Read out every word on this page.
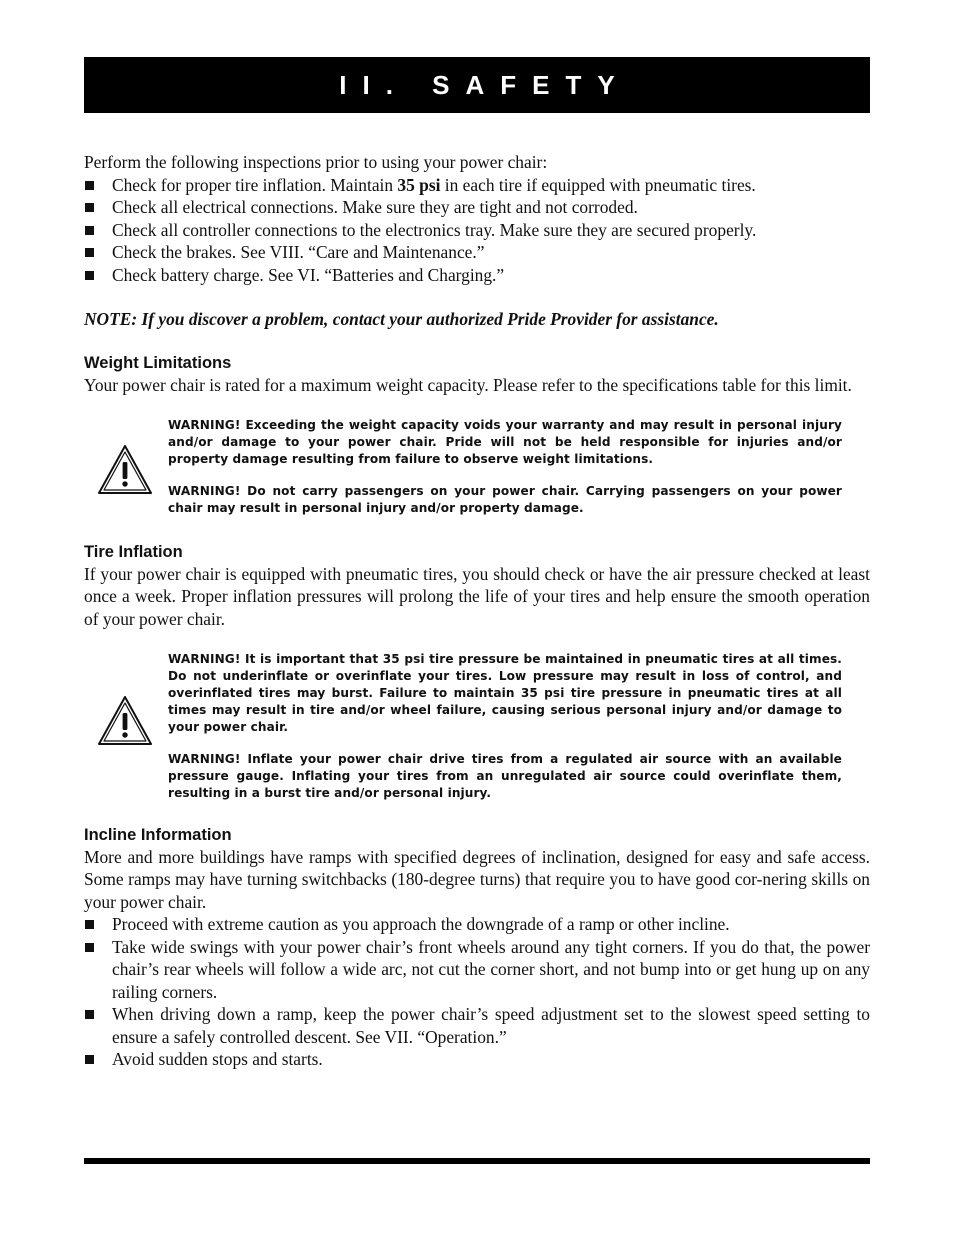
II. SAFETY

Perform the following inspections prior to using your power chair:

Check for proper tire inflation. Maintain 35 psi in each tire if equipped with pneumatic tires.
Check all electrical connections. Make sure they are tight and not corroded.
Check all controller connections to the electronics tray. Make sure they are secured properly.
Check the brakes. See VIII. “Care and Maintenance.”
Check battery charge. See VI. “Batteries and Charging.”

NOTE: If you discover a problem, contact your authorized Pride Provider for assistance.

Weight Limitations

Your power chair is rated for a maximum weight capacity. Please refer to the specifications table for this limit.

WARNING! Exceeding the weight capacity voids your warranty and may result in personal injury and/or damage to your power chair. Pride will not be held responsible for injuries and/or property damage resulting from failure to observe weight limitations.

WARNING! Do not carry passengers on your power chair. Carrying passengers on your power chair may result in personal injury and/or property damage.

Tire Inflation

If your power chair is equipped with pneumatic tires, you should check or have the air pressure checked at least once a week. Proper inflation pressures will prolong the life of your tires and help ensure the smooth operation of your power chair.

WARNING! It is important that 35 psi tire pressure be maintained in pneumatic tires at all times. Do not underinflate or overinflate your tires. Low pressure may result in loss of control, and overinflated tires may burst. Failure to maintain 35 psi tire pressure in pneumatic tires at all times may result in tire and/or wheel failure, causing serious personal injury and/or damage to your power chair.

WARNING! Inflate your power chair drive tires from a regulated air source with an available pressure gauge. Inflating your tires from an unregulated air source could overinflate them, resulting in a burst tire and/or personal injury.

Incline Information

More and more buildings have ramps with specified degrees of inclination, designed for easy and safe access. Some ramps may have turning switchbacks (180-degree turns) that require you to have good cor-nering skills on your power chair.

Proceed with extreme caution as you approach the downgrade of a ramp or other incline.
Take wide swings with your power chair’s front wheels around any tight corners. If you do that, the power chair’s rear wheels will follow a wide arc, not cut the corner short, and not bump into or get hung up on any railing corners.
When driving down a ramp, keep the power chair’s speed adjustment set to the slowest speed setting to ensure a safely controlled descent. See VII. “Operation.”
Avoid sudden stops and starts.
